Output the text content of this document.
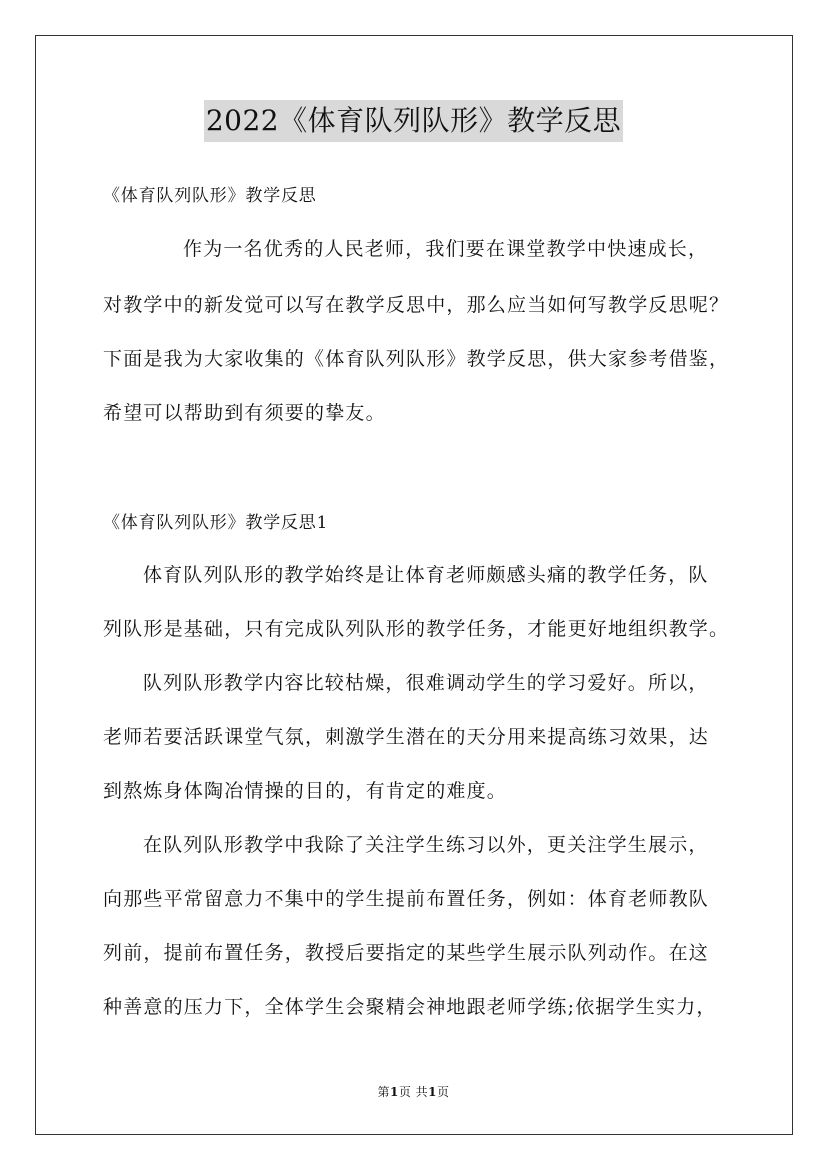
2022《体育队列队形》教学反思
《体育队列队形》教学反思
作为一名优秀的人民老师，我们要在课堂教学中快速成长，
对教学中的新发觉可以写在教学反思中，那么应当如何写教学反思呢？
下面是我为大家收集的《体育队列队形》教学反思，供大家参考借鉴，
希望可以帮助到有须要的挚友。
《体育队列队形》教学反思1
体育队列队形的教学始终是让体育老师颇感头痛的教学任务，队
列队形是基础，只有完成队列队形的教学任务，才能更好地组织教学。
队列队形教学内容比较枯燥，很难调动学生的学习爱好。所以，
老师若要活跃课堂气氛，刺激学生潜在的天分用来提高练习效果，达
到熬炼身体陶冶情操的目的，有肯定的难度。
在队列队形教学中我除了关注学生练习以外，更关注学生展示，
向那些平常留意力不集中的学生提前布置任务，例如：体育老师教队
列前，提前布置任务，教授后要指定的某些学生展示队列动作。在这
种善意的压力下，全体学生会聚精会神地跟老师学练;依据学生实力，
第1页 共1页
